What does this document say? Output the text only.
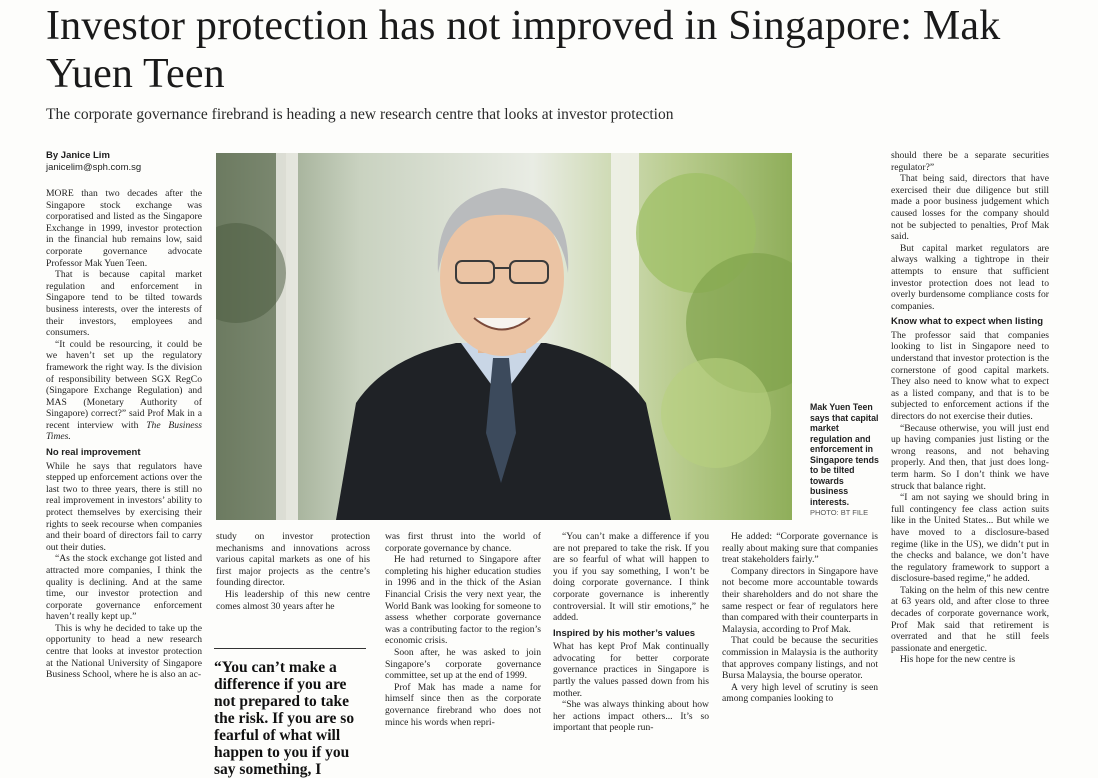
Investor protection has not improved in Singapore: Mak Yuen Teen

The corporate governance firebrand is heading a new research centre that looks at investor protection

By Janice Lim
janicelim@sph.com.sg

MORE than two decades after the Singapore stock exchange was corporatised and listed as the Singapore Exchange in 1999, investor protection in the financial hub remains low, said corporate governance advocate Professor Mak Yuen Teen.

That is because capital market regulation and enforcement in Singapore tend to be tilted towards business interests, over the interests of their investors, employees and consumers.

“It could be resourcing, it could be we haven’t set up the regulatory framework the right way. Is the division of responsibility between SGX RegCo (Singapore Exchange Regulation) and MAS (Monetary Authority of Singapore) correct?” said Prof Mak in a recent interview with The Business Times.

No real improvement

While he says that regulators have stepped up enforcement actions over the last two to three years, there is still no real improvement in investors’ ability to protect themselves by exercising their rights to seek recourse when companies and their board of directors fail to carry out their duties.

“As the stock exchange got listed and attracted more companies, I think the quality is declining. And at the same time, our investor protection and corporate governance enforcement haven’t really kept up.”

This is why he decided to take up the opportunity to head a new research centre that looks at investor protection at the National University of Singapore Business School, where he is also an ac-

Mak Yuen Teen says that capital market regulation and enforcement in Singapore tends to be tilted towards business interests.
PHOTO: BT FILE

study on investor protection mechanisms and innovations across various capital markets as one of his first major projects as the centre’s founding director.

His leadership of this new centre comes almost 30 years after he

“You can’t make a difference if you are not prepared to take the risk. If you are so fearful of what will happen to you if you say something, I

was first thrust into the world of corporate governance by chance.

He had returned to Singapore after completing his higher education studies in 1996 and in the thick of the Asian Financial Crisis the very next year, the World Bank was looking for someone to assess whether corporate governance was a contributing factor to the region’s economic crisis.

Soon after, he was asked to join Singapore’s corporate governance committee, set up at the end of 1999.

Prof Mak has made a name for himself since then as the corporate governance firebrand who does not mince his words when repri-

“You can’t make a difference if you are not prepared to take the risk. If you are so fearful of what will happen to you if you say something, I won’t be doing corporate governance. I think corporate governance is inherently controversial. It will stir emotions,” he added.

Inspired by his mother’s values

What has kept Prof Mak continually advocating for better corporate governance practices in Singapore is partly the values passed down from his mother.

“She was always thinking about how her actions impact others... It’s so important that people run-

He added: “Corporate governance is really about making sure that companies treat stakeholders fairly.”

Company directors in Singapore have not become more accountable towards their shareholders and do not share the same respect or fear of regulators here than compared with their counterparts in Malaysia, according to Prof Mak.

That could be because the securities commission in Malaysia is the authority that approves company listings, and not Bursa Malaysia, the bourse operator.

A very high level of scrutiny is seen among companies looking to

should there be a separate securities regulator?”

That being said, directors that have exercised their due diligence but still made a poor business judgement which caused losses for the company should not be subjected to penalties, Prof Mak said.

But capital market regulators are always walking a tightrope in their attempts to ensure that sufficient investor protection does not lead to overly burdensome compliance costs for companies.

Know what to expect when listing

The professor said that companies looking to list in Singapore need to understand that investor protection is the cornerstone of good capital markets. They also need to know what to expect as a listed company, and that is to be subjected to enforcement actions if the directors do not exercise their duties.

“Because otherwise, you will just end up having companies just listing or the wrong reasons, and not behaving properly. And then, that just does long-term harm. So I don’t think we have struck that balance right.

“I am not saying we should bring in full contingency fee class action suits like in the United States... But while we have moved to a disclosure-based regime (like in the US), we didn’t put in the checks and balance, we don’t have the regulatory framework to support a disclosure-based regime,” he added.

Taking on the helm of this new centre at 63 years old, and after close to three decades of corporate governance work, Prof Mak said that retirement is overrated and that he still feels passionate and energetic.

His hope for the new centre is
